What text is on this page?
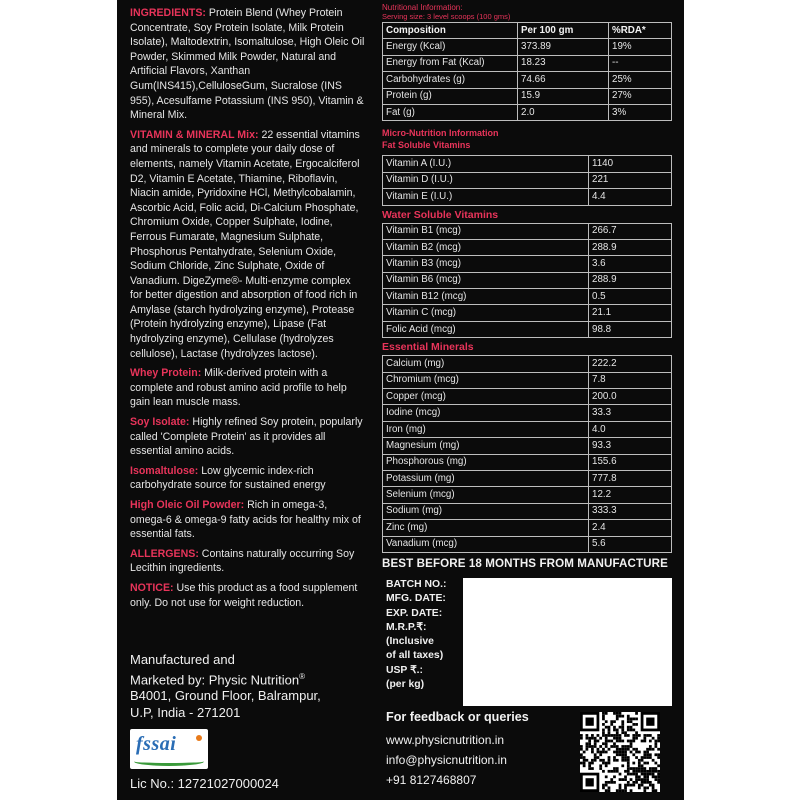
INGREDIENTS: Protein Blend (Whey Protein Concentrate, Soy Protein Isolate, Milk Protein Isolate), Maltodextrin, Isomaltulose, High Oleic Oil Powder, Skimmed Milk Powder, Natural and Artificial Flavors, Xanthan Gum(INS415),CelluloseGum, Sucralose (INS 955), Acesulfame Potassium (INS 950), Vitamin & Mineral Mix.

VITAMIN & MINERAL Mix: 22 essential vitamins and minerals to complete your daily dose of elements, namely Vitamin Acetate, Ergocalciferol D2, Vitamin E Acetate, Thiamine, Riboflavin, Niacin amide, Pyridoxine HCl, Methylcobalamin, Ascorbic Acid, Folic acid, Di-Calcium Phosphate, Chromium Oxide, Copper Sulphate, Iodine, Ferrous Fumarate, Magnesium Sulphate, Phosphorus Pentahydrate, Selenium Oxide, Sodium Chloride, Zinc Sulphate, Oxide of Vanadium. DigeZyme®- Multi-enzyme complex for better digestion and absorption of food rich in Amylase (starch hydrolyzing enzyme), Protease (Protein hydrolyzing enzyme), Lipase (Fat hydrolyzing enzyme), Cellulase (hydrolyzes cellulose), Lactase (hydrolyzes lactose).

Whey Protein: Milk-derived protein with a complete and robust amino acid profile to help gain lean muscle mass.

Soy Isolate: Highly refined Soy protein, popularly called 'Complete Protein' as it provides all essential amino acids.

Isomaltulose: Low glycemic index-rich carbohydrate source for sustained energy

High Oleic Oil Powder: Rich in omega-3, omega-6 & omega-9 fatty acids for healthy mix of essential fats.

ALLERGENS: Contains naturally occurring Soy Lecithin ingredients.

NOTICE: Use this product as a food supplement only. Do not use for weight reduction.

Manufactured and
Marketed by: Physic Nutrition®
B4001, Ground Floor, Balrampur,
U.P, India - 271201
fssai
Lic No.: 12721027000024
Nutritional Information:
Serving size: 3 level scoops (100 gms)
Composition	Per 100 gm	%RDA*
Energy (Kcal)	373.89	19%
Energy from Fat (Kcal)	18.23	--
Carbohydrates (g)	74.66	25%
Protein (g)	15.9	27%
Fat (g)	2.0	3%
Micro-Nutrition Information
Fat Soluble Vitamins
Vitamin A (I.U.)	1140
Vitamin D (I.U.)	221
Vitamin E (I.U.)	4.4
Water Soluble Vitamins
Vitamin B1 (mcg)	266.7
Vitamin B2 (mcg)	288.9
Vitamin B3 (mcg)	3.6
Vitamin B6 (mcg)	288.9
Vitamin B12 (mcg)	0.5
Vitamin C (mcg)	21.1
Folic Acid (mcg)	98.8
Essential Minerals
Calcium (mg)	222.2
Chromium (mcg)	7.8
Copper (mcg)	200.0
Iodine (mcg)	33.3
Iron (mg)	4.0
Magnesium (mg)	93.3
Phosphorous (mg)	155.6
Potassium (mg)	777.8
Selenium (mcg)	12.2
Sodium (mg)	333.3
Zinc (mg)	2.4
Vanadium (mcg)	5.6
BEST BEFORE 18 MONTHS FROM MANUFACTURE
BATCH NO.:
MFG. DATE:
EXP. DATE:
M.R.P.₹:
(Inclusive
of all taxes)
USP ₹.:
(per kg)
For feedback or queries
www.physicnutrition.in
info@physicnutrition.in
+91 8127468807
